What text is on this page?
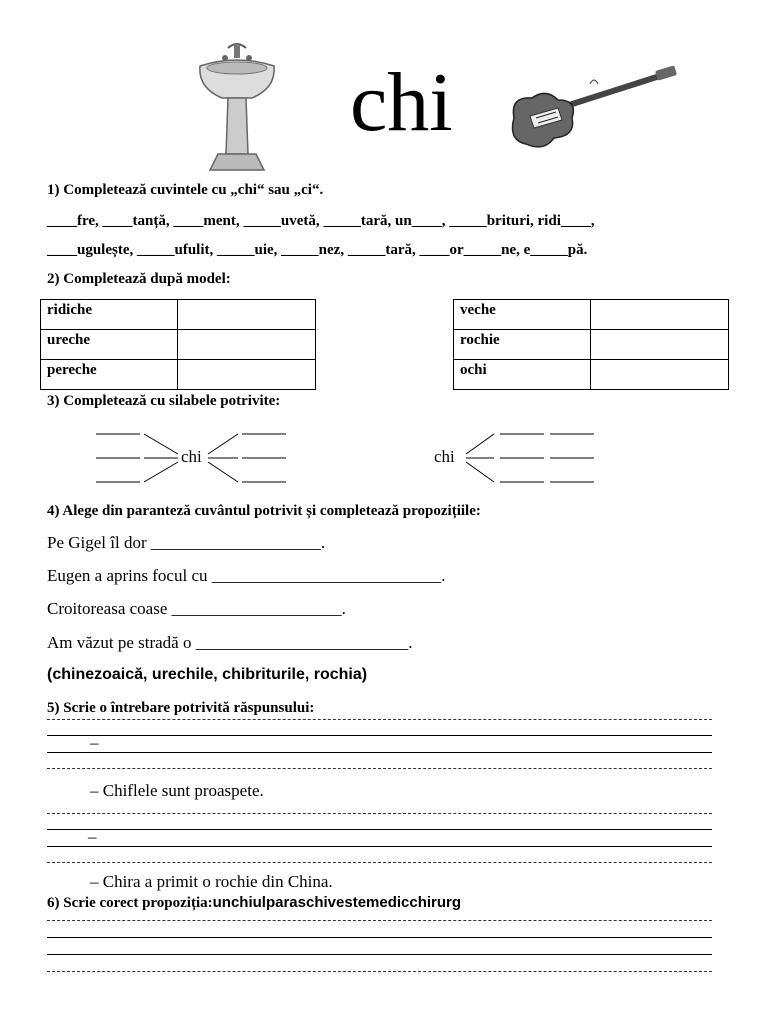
chi
1) Completează cuvintele cu „chi“ sau „ci“.
____fre, ____tanță, ____ment, _____uvetă, _____tară, un____, _____brituri, ridi____,
____ugulește, _____ufulit, _____uie, _____nez, _____tară, ____or_____ne, e_____pă.
2) Completează după model:
ridiche	
ureche	
pereche	
veche	
rochie	
ochi	
3) Completează cu silabele potrivite:
chi	chi
4) Alege din paranteză cuvântul potrivit și completează propozițiile:
Pe Gigel îl dor ____________________.
Eugen a aprins focul cu ___________________________.
Croitoreasa coase ____________________.
Am văzut pe stradă o _________________________.
(chinezoaică, urechile, chibriturile, rochia)
5) Scrie o întrebare potrivită răspunsului:
–
– Chiflele sunt proaspete.
–
– Chira a primit o rochie din China.
6) Scrie corect propoziția:unchiulparaschivestemedicchirurg
